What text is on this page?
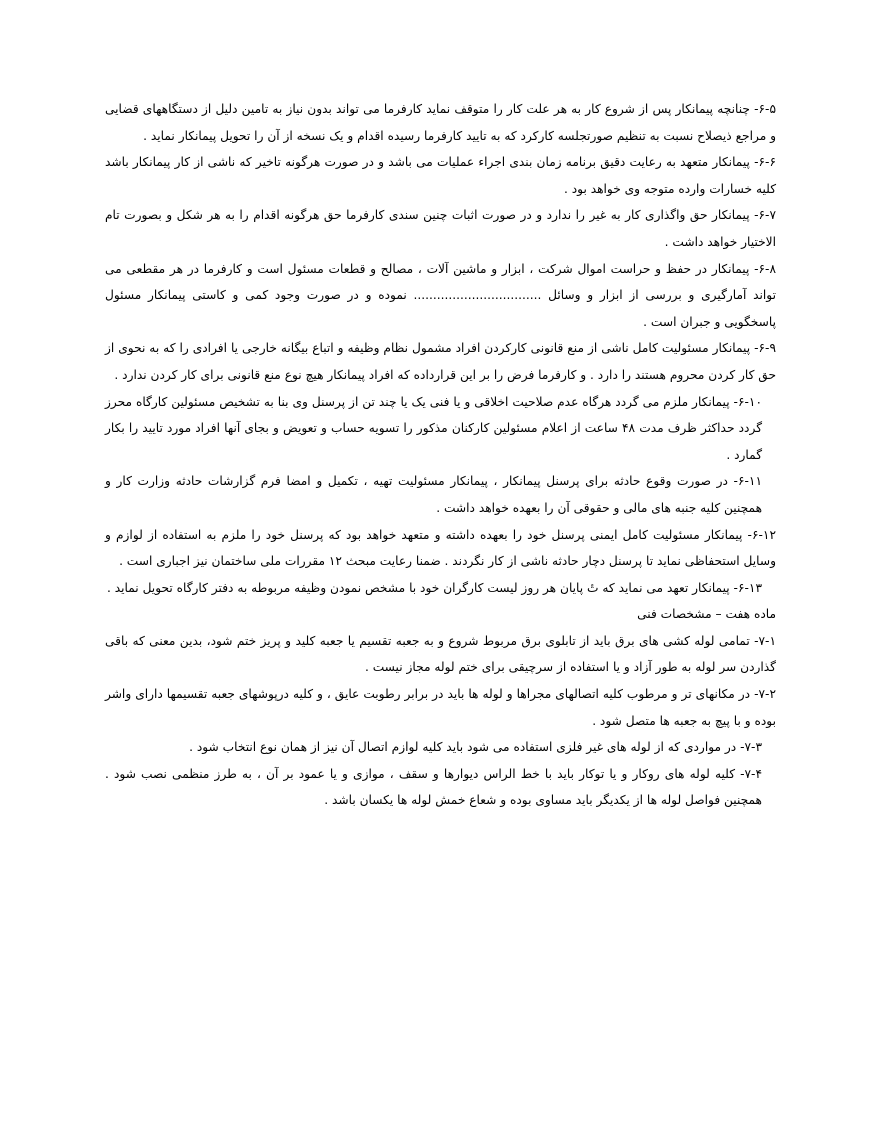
۶-۵- چنانچه پیمانکار پس از شروع کار به هر علت کار را متوقف نماید کارفرما می تواند بدون نیاز به تامین دلیل از دستگاههای قضایی و مراجع ذیصلاح نسبت به تنظیم صورتجلسه کارکرد که به تایید کارفرما رسیده اقدام و یک نسخه از آن را تحویل پیمانکار نماید .

۶-۶- پیمانکار متعهد به رعایت دقیق برنامه زمان بندی اجراء عملیات می باشد و در صورت هرگونه تاخیر که ناشی از کار پیمانکار باشد کلیه خسارات وارده متوجه وی خواهد بود .

۶-۷- پیمانکار حق واگذاری کار به غیر را ندارد و در صورت اثبات چنین سندی کارفرما حق هرگونه اقدام را به هر شکل و بصورت تام الاختیار خواهد داشت .

۶-۸- پیمانکار در حفظ و حراست اموال شرکت ، ابزار و ماشین آلات ، مصالح و قطعات مسئول است و کارفرما در هر مقطعی می تواند آمارگیری و بررسی از ابزار و وسائل ................................. نموده و در صورت وجود کمی و کاستی پیمانکار مسئول پاسخگویی و جبران است .

۶-۹- پیمانکار مسئولیت کامل ناشی از منع قانونی کارکردن افراد مشمول نظام وظیفه و اتباع بیگانه خارجی یا افرادی را که به نحوی از حق کار کردن محروم هستند را دارد . و کارفرما فرض را بر این قرارداده که افراد پیمانکار هیچ نوع منع قانونی برای کار کردن ندارد .

۶-۱۰- پیمانکار ملزم می گردد هرگاه عدم صلاحیت اخلاقی و یا فنی یک یا چند تن از پرسنل وی بنا به تشخیص مسئولین کارگاه محرز گردد حداکثر ظرف مدت ۴۸ ساعت از اعلام مسئولین کارکنان مذکور را تسویه حساب و تعویض و بجای آنها افراد مورد تایید را بکار گمارد .

۶-۱۱- در صورت وقوع حادثه برای پرسنل پیمانکار ، پیمانکار مسئولیت تهیه ، تکمیل و امضا فرم گزارشات حادثه وزارت کار و همچنین کلیه جنبه های مالی و حقوقی آن را بعهده خواهد داشت .

۶-۱۲- پیمانکار مسئولیت کامل ایمنی پرسنل خود را بعهده داشته و متعهد خواهد بود که پرسنل خود را ملزم به استفاده از لوازم و وسایل استحفاظی نماید تا پرسنل دچار حادثه ناشی از کار نگردند . ضمنا رعایت مبحث ۱۲ مقررات ملی ساختمان نیز اجباری است .

۶-۱۳- پیمانکار تعهد می نماید که تٔ پایان هر روز لیست کارگران خود با مشخص نمودن وظیفه مربوطه به دفتر کارگاه تحویل نماید .

ماده هفت – مشخصات فنی

۷-۱- تمامی لوله کشی های برق باید از تابلوی برق مربوط شروع و به جعبه تقسیم یا جعبه کلید و پریز ختم شود، بدین معنی که باقی گذاردن سر لوله به طور آزاد و یا استفاده از سرچیقی برای ختم لوله مجاز نیست .

۷-۲- در مکانهای تر و مرطوب کلیه اتصالهای مجراها و لوله ها باید در برابر رطوبت عایق ، و کلیه درپوشهای جعبه تقسیمها دارای واشر بوده و با پیچ به جعبه ها متصل شود .

۷-۳- در مواردی که از لوله های غیر فلزی استفاده می شود باید کلیه لوازم اتصال آن نیز از همان نوع انتخاب شود .

۷-۴- کلیه لوله های روکار و یا توکار باید با خط الراس دیوارها و سقف ، موازی و یا عمود بر آن ، به طرز منظمی نصب شود . همچنین فواصل لوله ها از یکدیگر باید مساوی بوده و شعاع خمش لوله ها یکسان باشد .
